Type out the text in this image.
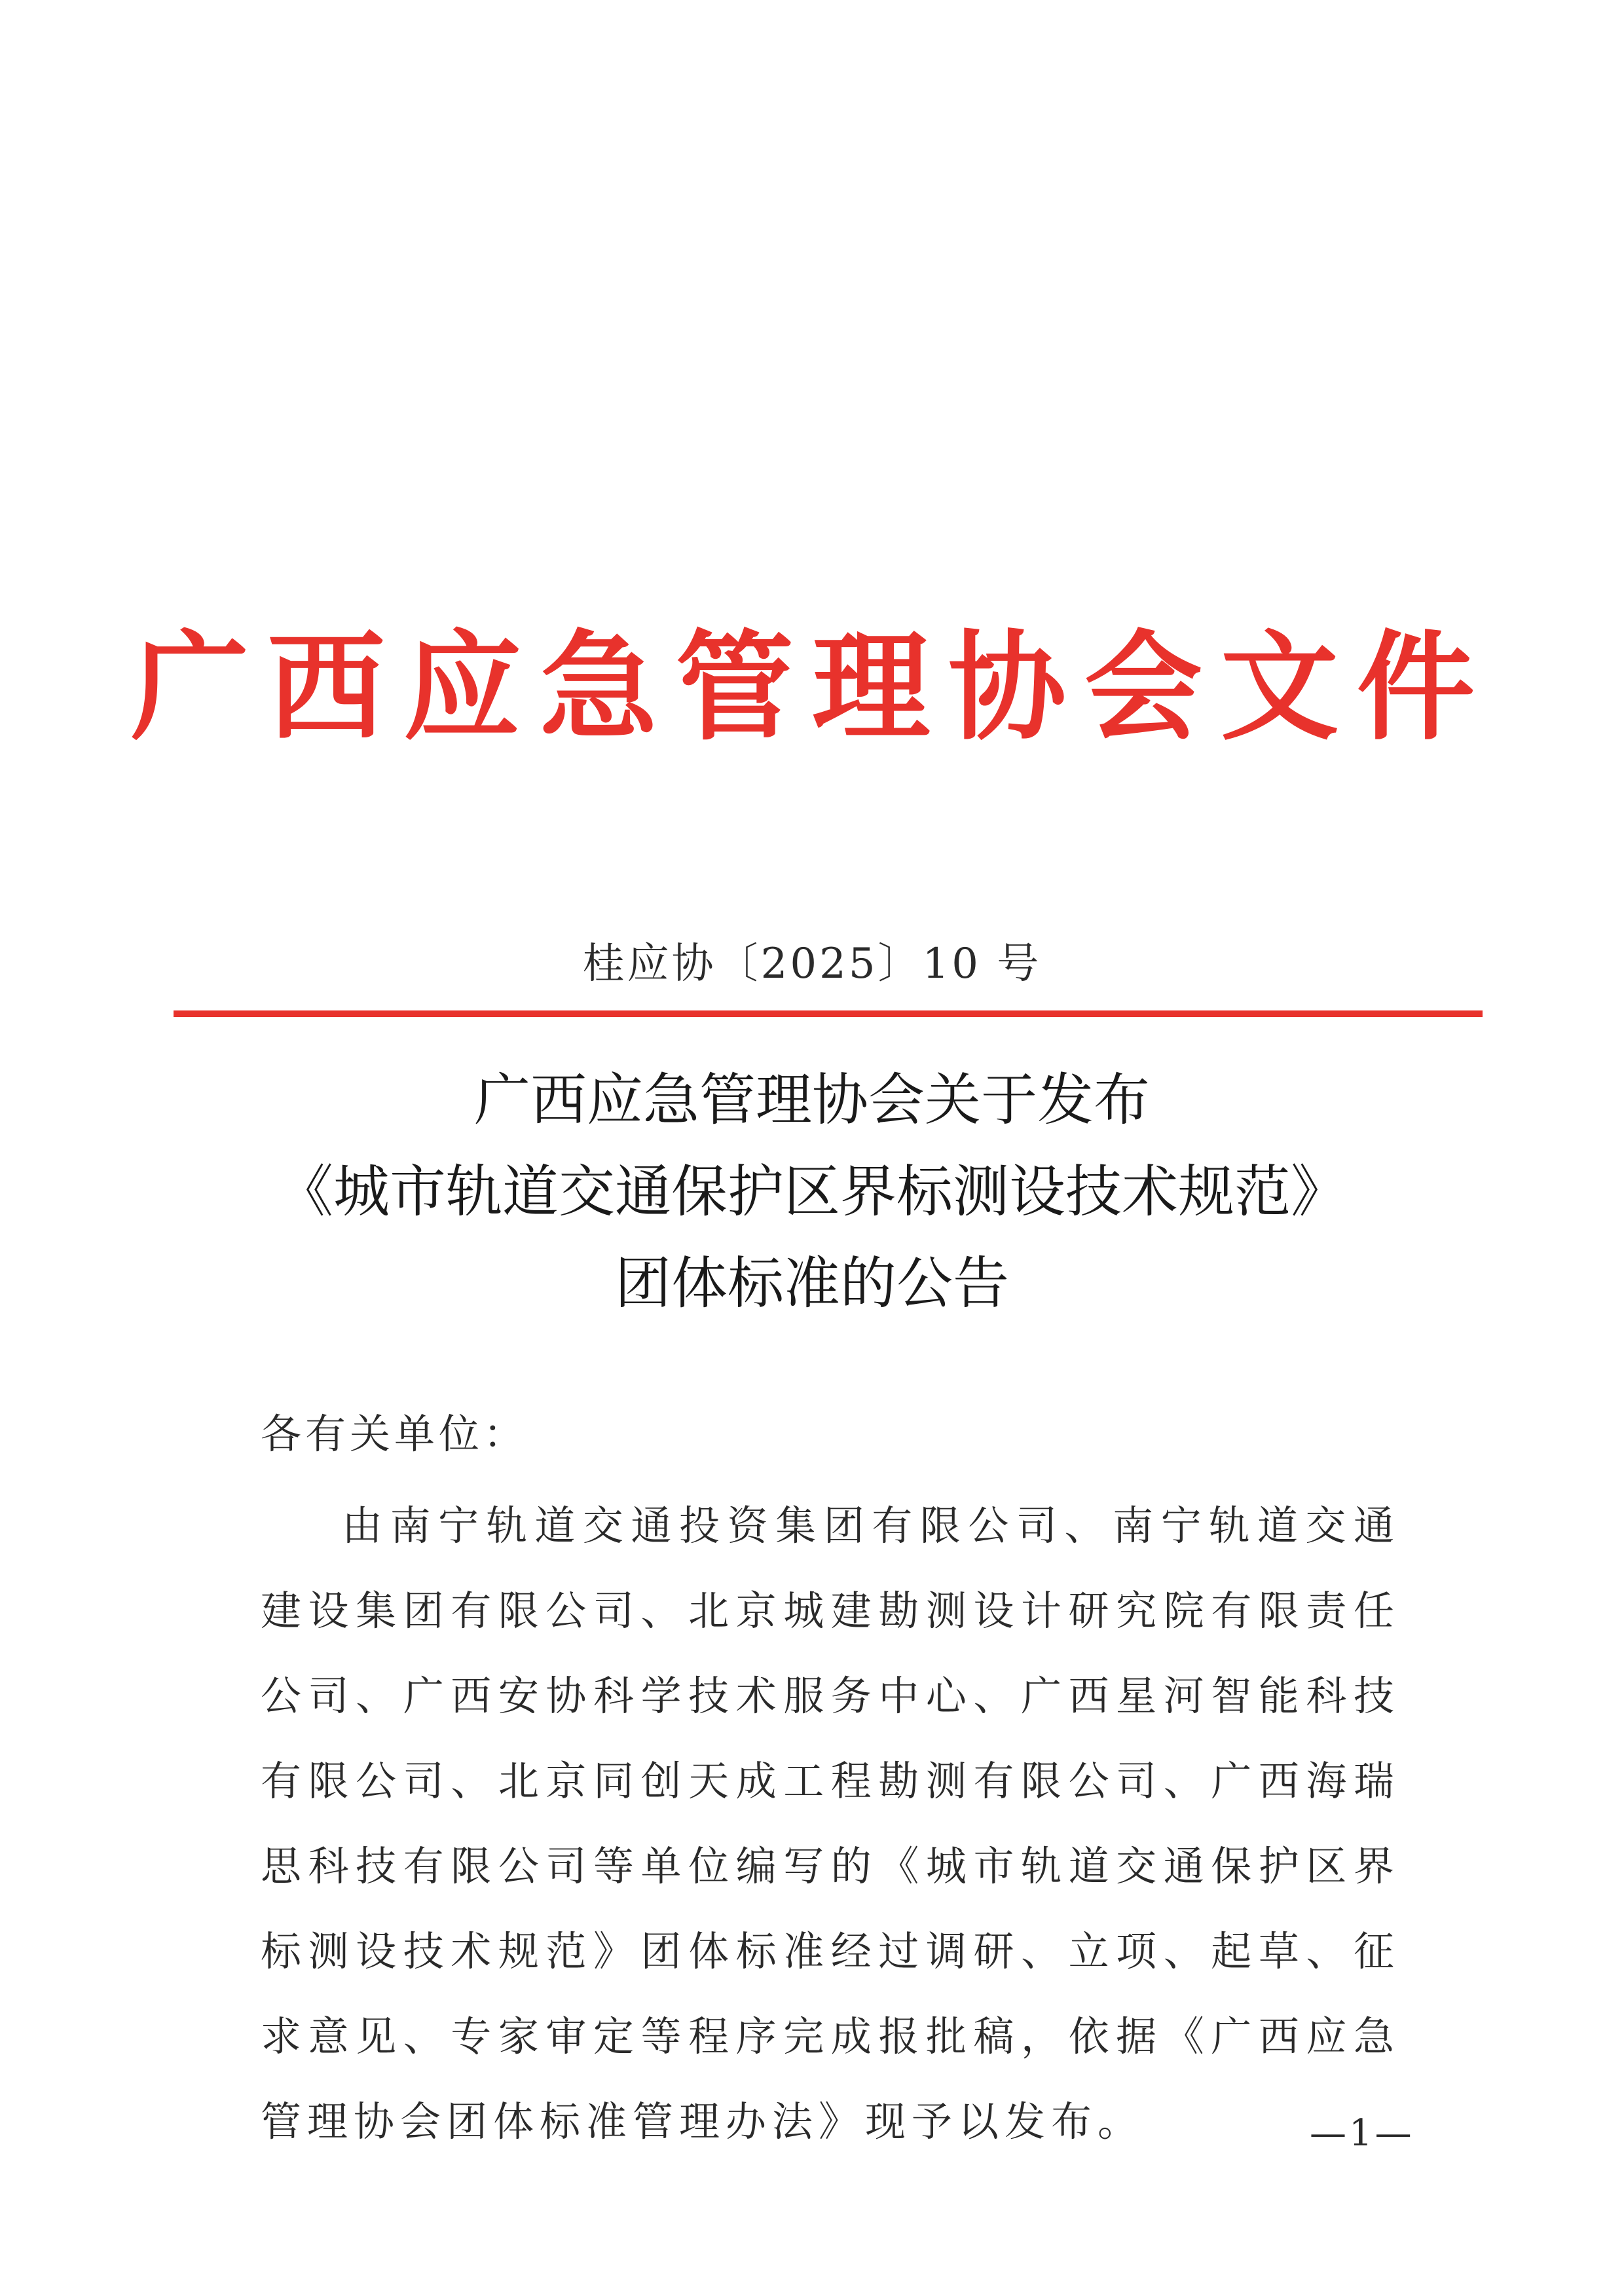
广西应急管理协会文件
桂应协〔2025〕10 号
广西应急管理协会关于发布
《城市轨道交通保护区界标测设技术规范》
团体标准的公告
各有关单位：
由南宁轨道交通投资集团有限公司、南宁轨道交通建设集团有限公司、北京城建勘测设计研究院有限责任公司、广西安协科学技术服务中心、广西星河智能科技有限公司、北京同创天成工程勘测有限公司、广西海瑞思科技有限公司等单位编写的《城市轨道交通保护区界标测设技术规范》团体标准经过调研、立项、起草、征求意见、专家审定等程序完成报批稿，依据《广西应急管理协会团体标准管理办法》现予以发布。	—1—
